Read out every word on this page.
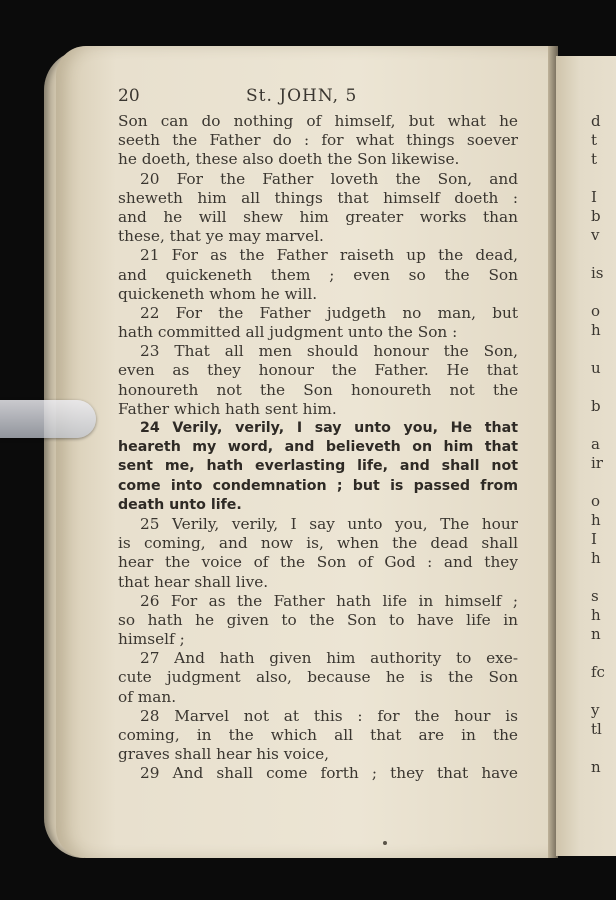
20	St. JOHN, 5
Son can do nothing of himself, but what he
seeth the Father do : for what things soever
he doeth, these also doeth the Son likewise.
20 For the Father loveth the Son, and
sheweth him all things that himself doeth :
and he will shew him greater works than
these, that ye may marvel.
21 For as the Father raiseth up the dead,
and quickeneth them ; even so the Son
quickeneth whom he will.
22 For the Father judgeth no man, but
hath committed all judgment unto the Son :
23 That all men should honour the Son,
even as they honour the Father. He that
honoureth not the Son honoureth not the
Father which hath sent him.
24 Verily, verily, I say unto you, He that
heareth my word, and believeth on him that
sent me, hath everlasting life, and shall not
come into condemnation ; but is passed from
death unto life.
25 Verily, verily, I say unto you, The hour
is coming, and now is, when the dead shall
hear the voice of the Son of God : and they
that hear shall live.
26 For as the Father hath life in himself ;
so hath he given to the Son to have life in
himself ;
27 And hath given him authority to exe-
cute judgment also, because he is the Son
of man.
28 Marvel not at this : for the hour is
coming, in the which all that are in the
graves shall hear his voice,
29 And shall come forth ; they that have
d
t
t
I
b
v
is
o
h
u
b
a
ir
o
h
I
h
s
h
n
fc
y
tl
n
